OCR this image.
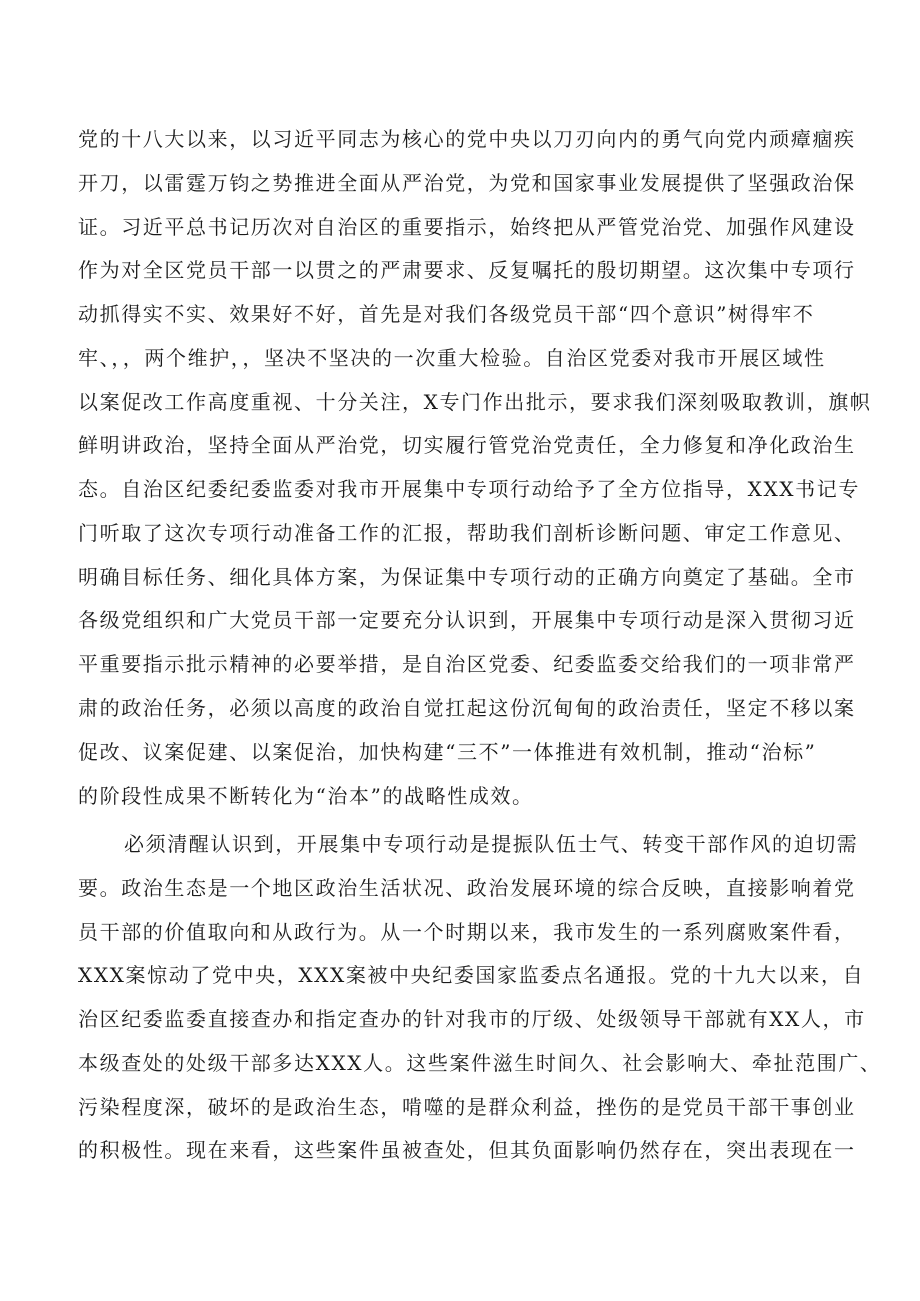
党的十八大以来，以习近平同志为核心的党中央以刀刃向内的勇气向党内顽瘴痼疾
开刀，以雷霆万钧之势推进全面从严治党，为党和国家事业发展提供了坚强政治保
证。习近平总书记历次对自治区的重要指示，始终把从严管党治党、加强作风建设
作为对全区党员干部一以贯之的严肃要求、反复嘱托的殷切期望。这次集中专项行
动抓得实不实、效果好不好，首先是对我们各级党员干部“四个意识”树得牢不
牢、，，两个维护，，坚决不坚决的一次重大检验。自治区党委对我市开展区域性
以案促改工作高度重视、十分关注，X专门作出批示，要求我们深刻吸取教训，旗帜
鲜明讲政治，坚持全面从严治党，切实履行管党治党责任，全力修复和净化政治生
态。自治区纪委纪委监委对我市开展集中专项行动给予了全方位指导，XXX书记专
门听取了这次专项行动准备工作的汇报，帮助我们剖析诊断问题、审定工作意见、
明确目标任务、细化具体方案，为保证集中专项行动的正确方向奠定了基础。全市
各级党组织和广大党员干部一定要充分认识到，开展集中专项行动是深入贯彻习近
平重要指示批示精神的必要举措，是自治区党委、纪委监委交给我们的一项非常严
肃的政治任务，必须以高度的政治自觉扛起这份沉甸甸的政治责任，坚定不移以案
促改、议案促建、以案促治，加快构建“三不”一体推进有效机制，推动“治标”
的阶段性成果不断转化为“治本”的战略性成效。
必须清醒认识到，开展集中专项行动是提振队伍士气、转变干部作风的迫切需
要。政治生态是一个地区政治生活状况、政治发展环境的综合反映，直接影响着党
员干部的价值取向和从政行为。从一个时期以来，我市发生的一系列腐败案件看，
XXX案惊动了党中央，XXX案被中央纪委国家监委点名通报。党的十九大以来，自
治区纪委监委直接查办和指定查办的针对我市的厅级、处级领导干部就有XX人，市
本级查处的处级干部多达XXX人。这些案件滋生时间久、社会影响大、牵扯范围广、
污染程度深，破坏的是政治生态，啃噬的是群众利益，挫伤的是党员干部干事创业
的积极性。现在来看，这些案件虽被查处，但其负面影响仍然存在，突出表现在一
